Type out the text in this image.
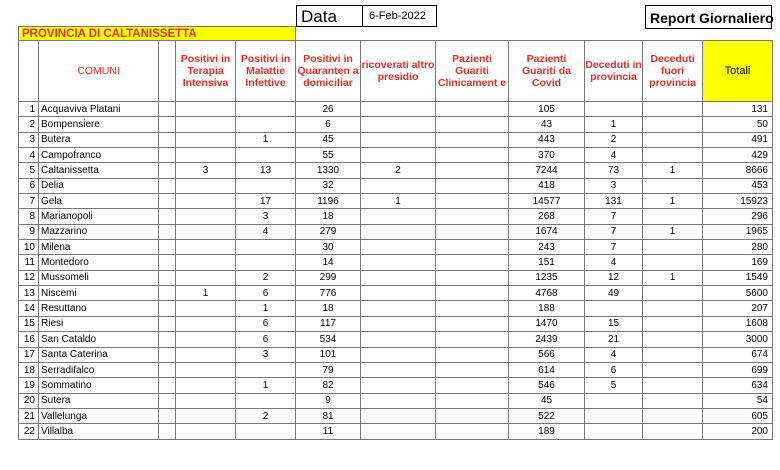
Data	6-Feb-2022	Report Giornaliero
PROVINCIA DI CALTANISSETTA
	COMUNI		Positivi in Terapia Intensiva	Positivi in Malattie Infettive	Positivi in Quaranten a domiciliar	ricoverati altro presidio	Pazienti Guariti Clinicament e	Pazienti Guariti da Covid	Deceduti in provincia	Deceduti fuori provincia	Totali
1	Acquaviva Platani				26			105			131
2	Bompensiere				6			43	1		50
3	Butera			1	45			443	2		491
4	Campofranco				55			370	4		429
5	Caltanissetta		3	13	1330	2		7244	73	1	8666
6	Delia				32			418	3		453
7	Gela			17	1196	1		14577	131	1	15923
8	Marianopoli			3	18			268	7		296
9	Mazzarino			4	279			1674	7	1	1965
10	Milena				30			243	7		280
11	Montedoro				14			151	4		169
12	Mussomeli			2	299			1235	12	1	1549
13	Niscemi		1	6	776			4768	49		5600
14	Resuttano			1	18			188			207
15	Riesi			6	117			1470	15		1608
16	San Cataldo			6	534			2439	21		3000
17	Santa Caterina			3	101			566	4		674
18	Serradifalco				79			614	6		699
19	Sommatino			1	82			546	5		634
20	Sutera				9			45			54
21	Vallelunga			2	81			522			605
22	Villalba				11			189			200
